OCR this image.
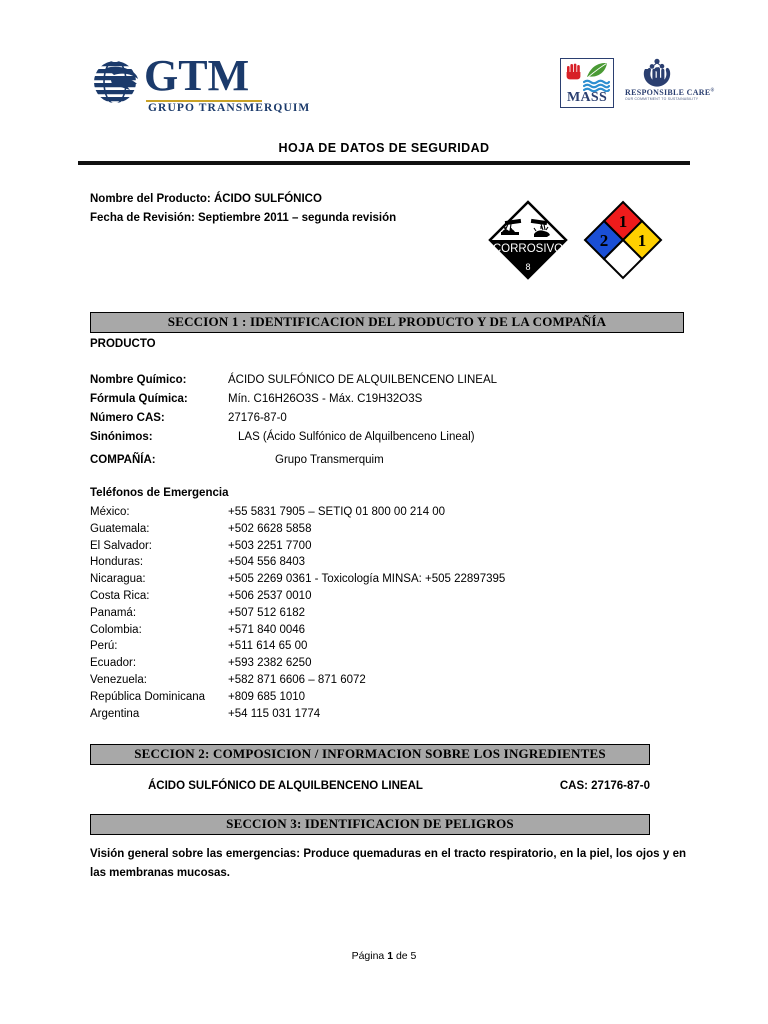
GTM
GRUPO TRANSMERQUIM
MASS	RESPONSIBLE CARE®
OUR COMMITMENT TO SUSTAINABILITY
HOJA DE DATOS DE SEGURIDAD
Nombre del Producto: ÁCIDO SULFÓNICO
Fecha de Revisión: Septiembre 2011 – segunda revisión
CORROSIVO
8
1
2 1
SECCION 1 : IDENTIFICACION DEL PRODUCTO Y DE LA COMPAÑÍA
PRODUCTO
Nombre Químico:	ÁCIDO SULFÓNICO DE ALQUILBENCENO LINEAL
Fórmula Química:	Mín. C16H26O3S - Máx. C19H32O3S
Número CAS:	27176-87-0
Sinónimos:	LAS (Ácido Sulfónico de Alquilbenceno Lineal)
COMPAÑÍA:	Grupo Transmerquim
Teléfonos de Emergencia
México:	+55 5831 7905 – SETIQ 01 800 00 214 00
Guatemala:	+502 6628 5858
El Salvador:	+503 2251 7700
Honduras:	+504 556 8403
Nicaragua:	+505 2269 0361 - Toxicología MINSA: +505 22897395
Costa Rica:	+506 2537 0010
Panamá:	+507 512 6182
Colombia:	+571 840 0046
Perú:	+511 614 65 00
Ecuador:	+593 2382 6250
Venezuela:	+582 871 6606 – 871 6072
República Dominicana	+809 685 1010
Argentina	+54 115 031 1774
SECCION 2: COMPOSICION / INFORMACION SOBRE LOS INGREDIENTES
ÁCIDO SULFÓNICO DE ALQUILBENCENO LINEAL	CAS: 27176-87-0
SECCION 3: IDENTIFICACION DE PELIGROS
Visión general sobre las emergencias: Produce quemaduras en el tracto respiratorio, en la piel, los ojos y en las membranas mucosas.
Página 1 de 5
